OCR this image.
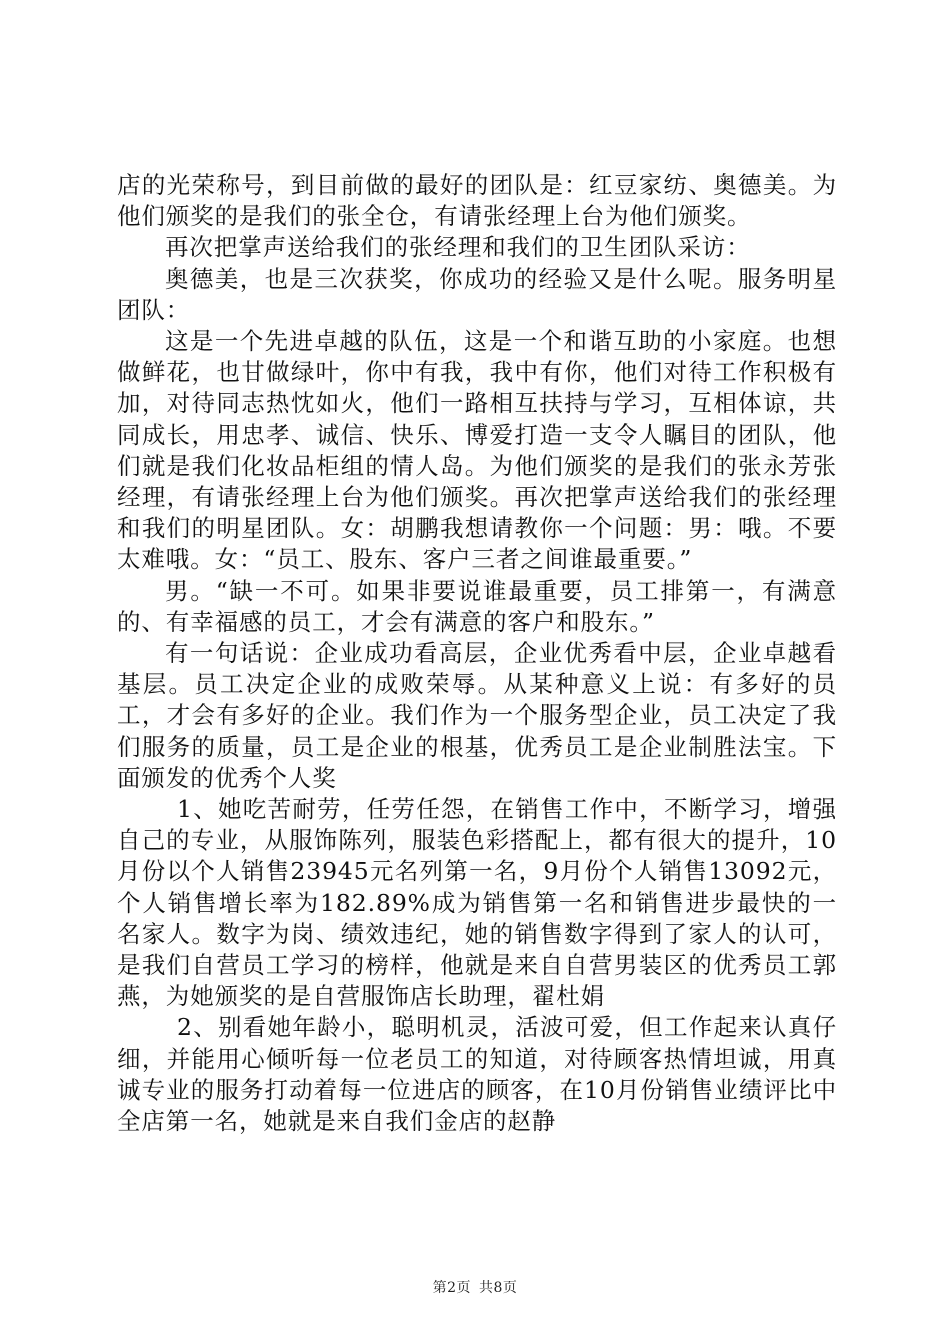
店的光荣称号，到目前做的最好的团队是：红豆家纺、奥德美。为他们颁奖的是我们的张全仓，有请张经理上台为他们颁奖。

再次把掌声送给我们的张经理和我们的卫生团队采访：

奥德美，也是三次获奖，你成功的经验又是什么呢。服务明星团队：

这是一个先进卓越的队伍，这是一个和谐互助的小家庭。也想做鲜花，也甘做绿叶，你中有我，我中有你，他们对待工作积极有加，对待同志热忱如火，他们一路相互扶持与学习，互相体谅，共同成长，用忠孝、诚信、快乐、博爱打造一支令人瞩目的团队，他们就是我们化妆品柜组的情人岛。为他们颁奖的是我们的张永芳张经理，有请张经理上台为他们颁奖。再次把掌声送给我们的张经理和我们的明星团队。女：胡鹏我想请教你一个问题：男：哦。不要太难哦。女：“员工、股东、客户三者之间谁最重要。”

男。“缺一不可。如果非要说谁最重要，员工排第一，有满意的、有幸福感的员工，才会有满意的客户和股东。”

有一句话说：企业成功看高层，企业优秀看中层，企业卓越看基层。员工决定企业的成败荣辱。从某种意义上说：有多好的员工，才会有多好的企业。我们作为一个服务型企业，员工决定了我们服务的质量，员工是企业的根基，优秀员工是企业制胜法宝。下面颁发的优秀个人奖

1、她吃苦耐劳，任劳任怨，在销售工作中，不断学习，增强自己的专业，从服饰陈列，服装色彩搭配上，都有很大的提升，10月份以个人销售23945元名列第一名，9月份个人销售13092元，个人销售增长率为182.89%成为销售第一名和销售进步最快的一名家人。数字为岗、绩效违纪，她的销售数字得到了家人的认可，是我们自营员工学习的榜样，他就是来自自营男装区的优秀员工郭燕，为她颁奖的是自营服饰店长助理，翟杜娟

2、别看她年龄小，聪明机灵，活波可爱，但工作起来认真仔细，并能用心倾听每一位老员工的知道，对待顾客热情坦诚，用真诚专业的服务打动着每一位进店的顾客，在10月份销售业绩评比中全店第一名，她就是来自我们金店的赵静

第2页 共8页
